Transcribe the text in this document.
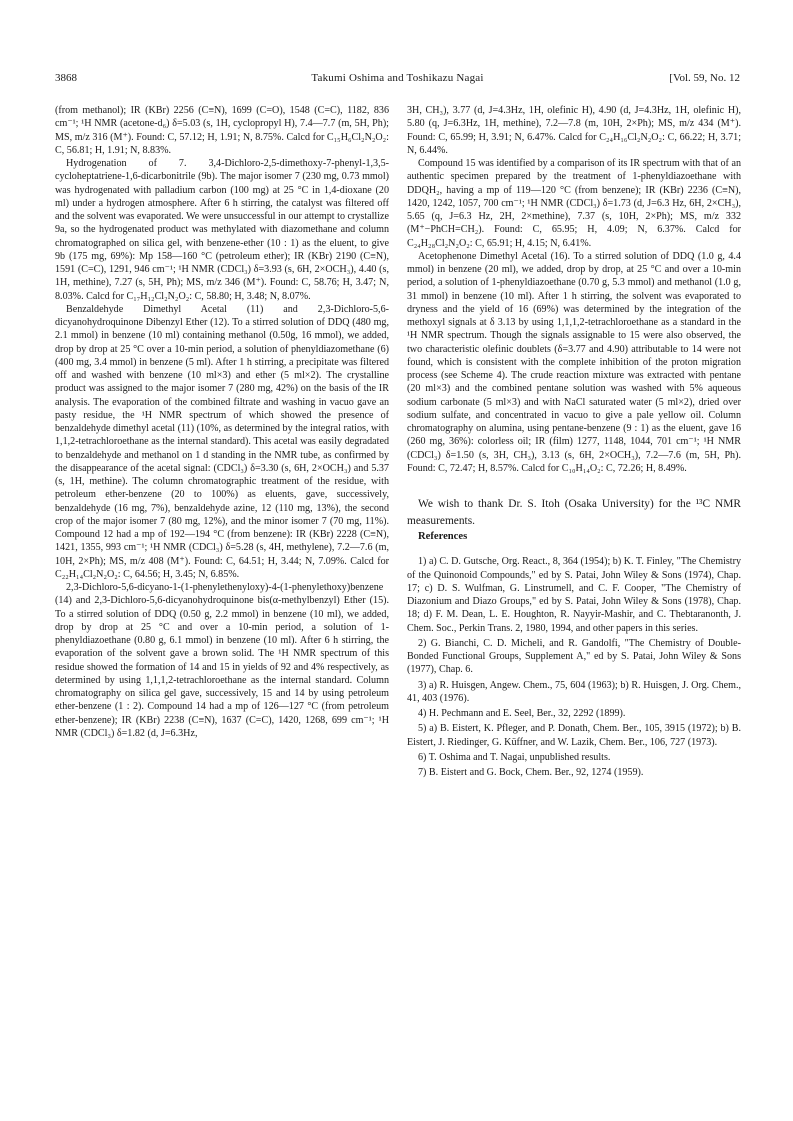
3868	Takumi Oshima and Toshikazu Nagai	[Vol. 59, No. 12

(from methanol); IR (KBr) 2256 (C≡N), 1699 (C=O), 1548 (C=C), 1182, 836 cm⁻¹; ¹H NMR (acetone-d₆) δ=5.03 (s, 1H, cyclopropyl H), 7.4—7.7 (m, 5H, Ph); MS, m/z 316 (M⁺). Found: C, 57.12; H, 1.91; N, 8.75%. Calcd for C₁₅H₆Cl₂N₂O₂: C, 56.81; H, 1.91; N, 8.83%.

Hydrogenation of 7. 3,4-Dichloro-2,5-dimethoxy-7-phenyl-1,3,5-cycloheptatriene-1,6-dicarbonitrile (9b). The major isomer 7 (230 mg, 0.73 mmol) was hydrogenated with palladium carbon (100 mg) at 25 °C in 1,4-dioxane (20 ml) under a hydrogen atmosphere. After 6 h stirring, the catalyst was filtered off and the solvent was evaporated. We were unsuccessful in our attempt to crystallize 9a, so the hydrogenated product was methylated with diazomethane and column chromatographed on silica gel, with benzene-ether (10 : 1) as the eluent, to give 9b (175 mg, 69%): Mp 158—160 °C (petroleum ether); IR (KBr) 2190 (C≡N), 1591 (C=C), 1291, 946 cm⁻¹; ¹H NMR (CDCl₃) δ=3.93 (s, 6H, 2×OCH₃), 4.40 (s, 1H, methine), 7.27 (s, 5H, Ph); MS, m/z 346 (M⁺). Found: C, 58.76; H, 3.47; N, 8.03%. Calcd for C₁₇H₁₂Cl₂N₂O₂: C, 58.80; H, 3.48; N, 8.07%.

Benzaldehyde Dimethyl Acetal (11) and 2,3-Dichloro-5,6-dicyanohydroquinone Dibenzyl Ether (12). To a stirred solution of DDQ (480 mg, 2.1 mmol) in benzene (10 ml) containing methanol (0.50g, 16 mmol), we added, drop by drop at 25 °C over a 10-min period, a solution of phenyldiazomethane (6) (400 mg, 3.4 mmol) in benzene (5 ml). After 1 h stirring, a precipitate was filtered off and washed with benzene (10 ml×3) and ether (5 ml×2). The crystalline product was assigned to the major isomer 7 (280 mg, 42%) on the basis of the IR analysis. The evaporation of the combined filtrate and washing in vacuo gave an pasty residue, the ¹H NMR spectrum of which showed the presence of benzaldehyde dimethyl acetal (11) (10%, as determined by the integral ratios, with 1,1,2-tetrachloroethane as the internal standard). This acetal was easily degradated to benzaldehyde and methanol on 1 d standing in the NMR tube, as confirmed by the disappearance of the acetal signal: (CDCl₃) δ=3.30 (s, 6H, 2×OCH₃) and 5.37 (s, 1H, methine). The column chromatographic treatment of the residue, with petroleum ether-benzene (20 to 100%) as eluents, gave, successively, benzaldehyde (16 mg, 7%), benzaldehyde azine, 12 (110 mg, 13%), the second crop of the major isomer 7 (80 mg, 12%), and the minor isomer 7 (70 mg, 11%). Compound 12 had a mp of 192—194 °C (from benzene): IR (KBr) 2228 (C≡N), 1421, 1355, 993 cm⁻¹; ¹H NMR (CDCl₃) δ=5.28 (s, 4H, methylene), 7.2—7.6 (m, 10H, 2×Ph); MS, m/z 408 (M⁺). Found: C, 64.51; H, 3.44; N, 7.09%. Calcd for C₂₂H₁₄Cl₂N₂O₂: C, 64.56; H, 3.45; N, 6.85%.

2,3-Dichloro-5,6-dicyano-1-(1-phenylethenyloxy)-4-(1-phenylethoxy)benzene (14) and 2,3-Dichloro-5,6-dicyanohydroquinone bis(α-methylbenzyl) Ether (15). To a stirred solution of DDQ (0.50 g, 2.2 mmol) in benzene (10 ml), we added, drop by drop at 25 °C and over a 10-min period, a solution of 1-phenyldiazoethane (0.80 g, 6.1 mmol) in benzene (10 ml). After 6 h stirring, the evaporation of the solvent gave a brown solid. The ¹H NMR spectrum of this residue showed the formation of 14 and 15 in yields of 92 and 4% respectively, as determined by using 1,1,1,2-tetrachloroethane as the internal standard. Column chromatography on silica gel gave, successively, 15 and 14 by using petroleum ether-benzene (1 : 2). Compound 14 had a mp of 126—127 °C (from petroleum ether-benzene); IR (KBr) 2238 (C≡N), 1637 (C=C), 1420, 1268, 699 cm⁻¹; ¹H NMR (CDCl₃) δ=1.82 (d, J=6.3Hz,

3H, CH₃), 3.77 (d, J=4.3Hz, 1H, olefinic H), 4.90 (d, J=4.3Hz, 1H, olefinic H), 5.80 (q, J=6.3Hz, 1H, methine), 7.2—7.8 (m, 10H, 2×Ph); MS, m/z 434 (M⁺). Found: C, 65.99; H, 3.91; N, 6.47%. Calcd for C₂₄H₁₆Cl₂N₂O₂: C, 66.22; H, 3.71; N, 6.44%.

Compound 15 was identified by a comparison of its IR spectrum with that of an authentic specimen prepared by the treatment of 1-phenyldiazoethane with DDQH₂, having a mp of 119—120 °C (from benzene); IR (KBr) 2236 (C≡N), 1420, 1242, 1057, 700 cm⁻¹; ¹H NMR (CDCl₃) δ=1.73 (d, J=6.3 Hz, 6H, 2×CH₃), 5.65 (q, J=6.3 Hz, 2H, 2×methine), 7.37 (s, 10H, 2×Ph); MS, m/z 332 (M⁺−PhCH=CH₂). Found: C, 65.95; H, 4.09; N, 6.37%. Calcd for C₂₄H₂₈Cl₂N₂O₂: C, 65.91; H, 4.15; N, 6.41%.

Acetophenone Dimethyl Acetal (16). To a stirred solution of DDQ (1.0 g, 4.4 mmol) in benzene (20 ml), we added, drop by drop, at 25 °C and over a 10-min period, a solution of 1-phenyldiazoethane (0.70 g, 5.3 mmol) and methanol (1.0 g, 31 mmol) in benzene (10 ml). After 1 h stirring, the solvent was evaporated to dryness and the yield of 16 (69%) was determined by the integration of the methoxyl signals at δ 3.13 by using 1,1,1,2-tetrachloroethane as a standard in the ¹H NMR spectrum. Though the signals assignable to 15 were also observed, the two characteristic olefinic doublets (δ=3.77 and 4.90) attributable to 14 were not found, which is consistent with the complete inhibition of the proton migration process (see Scheme 4). The crude reaction mixture was extracted with pentane (20 ml×3) and the combined pentane solution was washed with 5% aqueous sodium carbonate (5 ml×3) and with NaCl saturated water (5 ml×2), dried over sodium sulfate, and concentrated in vacuo to give a pale yellow oil. Column chromatography on alumina, using pentane-benzene (9 : 1) as the eluent, gave 16 (260 mg, 36%): colorless oil; IR (film) 1277, 1148, 1044, 701 cm⁻¹; ¹H NMR (CDCl₃) δ=1.50 (s, 3H, CH₃), 3.13 (s, 6H, 2×OCH₃), 7.2—7.6 (m, 5H, Ph). Found: C, 72.47; H, 8.57%. Calcd for C₁₀H₁₄O₂: C, 72.26; H, 8.49%.

We wish to thank Dr. S. Itoh (Osaka University) for the ¹³C NMR measurements.

References

1) a) C. D. Gutsche, Org. React., 8, 364 (1954); b) K. T. Finley, "The Chemistry of the Quinonoid Compounds," ed by S. Patai, John Wiley & Sons (1974), Chap. 17; c) D. S. Wulfman, G. Linstrumell, and C. F. Cooper, "The Chemistry of Diazonium and Diazo Groups," ed by S. Patai, John Wiley & Sons (1978), Chap. 18; d) F. M. Dean, L. E. Houghton, R. Nayyir-Mashir, and C. Thebtaranonth, J. Chem. Soc., Perkin Trans. 2, 1980, 1994, and other papers in this series.

2) G. Bianchi, C. D. Micheli, and R. Gandolfi, "The Chemistry of Double-Bonded Functional Groups, Supplement A," ed by S. Patai, John Wiley & Sons (1977), Chap. 6.

3) a) R. Huisgen, Angew. Chem., 75, 604 (1963); b) R. Huisgen, J. Org. Chem., 41, 403 (1976).

4) H. Pechmann and E. Seel, Ber., 32, 2292 (1899).

5) a) B. Eistert, K. Pfleger, and P. Donath, Chem. Ber., 105, 3915 (1972); b) B. Eistert, J. Riedinger, G. Küffner, and W. Lazik, Chem. Ber., 106, 727 (1973).

6) T. Oshima and T. Nagai, unpublished results.

7) B. Eistert and G. Bock, Chem. Ber., 92, 1274 (1959).
